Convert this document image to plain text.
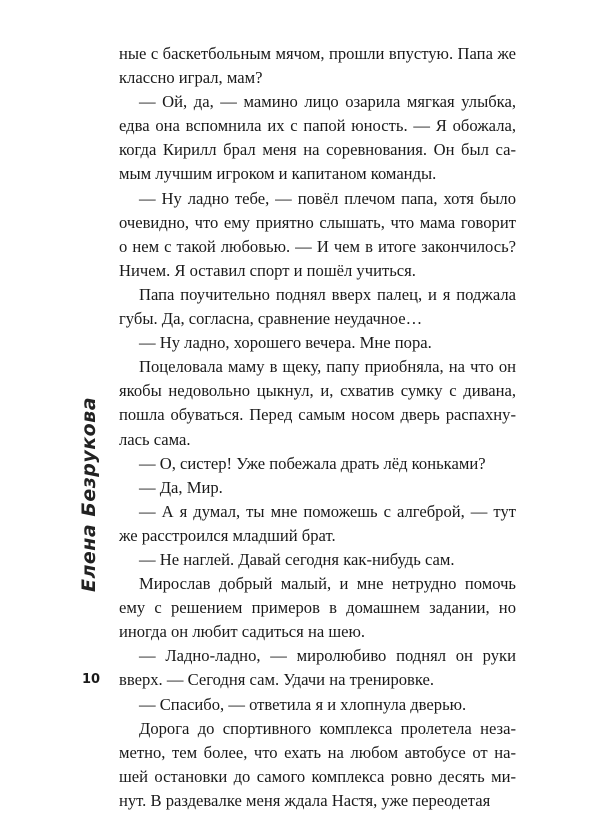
ные с баскетбольным мячом, прошли впустую. Папа же классно играл, мам?

— Ой, да, — мамино лицо озарила мягкая улыбка, едва она вспомнила их с папой юность. — Я обожала, когда Кирилл брал меня на соревнования. Он был самым лучшим игроком и капитаном команды.

— Ну ладно тебе, — повёл плечом папа, хотя было очевидно, что ему приятно слышать, что мама говорит о нем с такой любовью. — И чем в итоге закончилось? Ничем. Я оставил спорт и пошёл учиться.

Папа поучительно поднял вверх палец, и я поджала губы. Да, согласна, сравнение неудачное…

— Ну ладно, хорошего вечера. Мне пора.

Поцеловала маму в щеку, папу приобняла, на что он якобы недовольно цыкнул, и, схватив сумку с дивана, пошла обуваться. Перед самым носом дверь распахнулась сама.

— О, систер! Уже побежала драть лёд коньками?

— Да, Мир.

— А я думал, ты мне поможешь с алгеброй, — тут же расстроился младший брат.

— Не наглей. Давай сегодня как-нибудь сам.

Мирослав добрый малый, и мне нетрудно помочь ему с решением примеров в домашнем задании, но иногда он любит садиться на шею.

— Ладно-ладно, — миролюбиво поднял он руки вверх. — Сегодня сам. Удачи на тренировке.

— Спасибо, — ответила я и хлопнула дверью.

Дорога до спортивного комплекса пролетела незаметно, тем более, что ехать на любом автобусе от нашей остановки до самого комплекса ровно десять минут. В раздевалке меня ждала Настя, уже переодетая

Елена Безрукова
10
